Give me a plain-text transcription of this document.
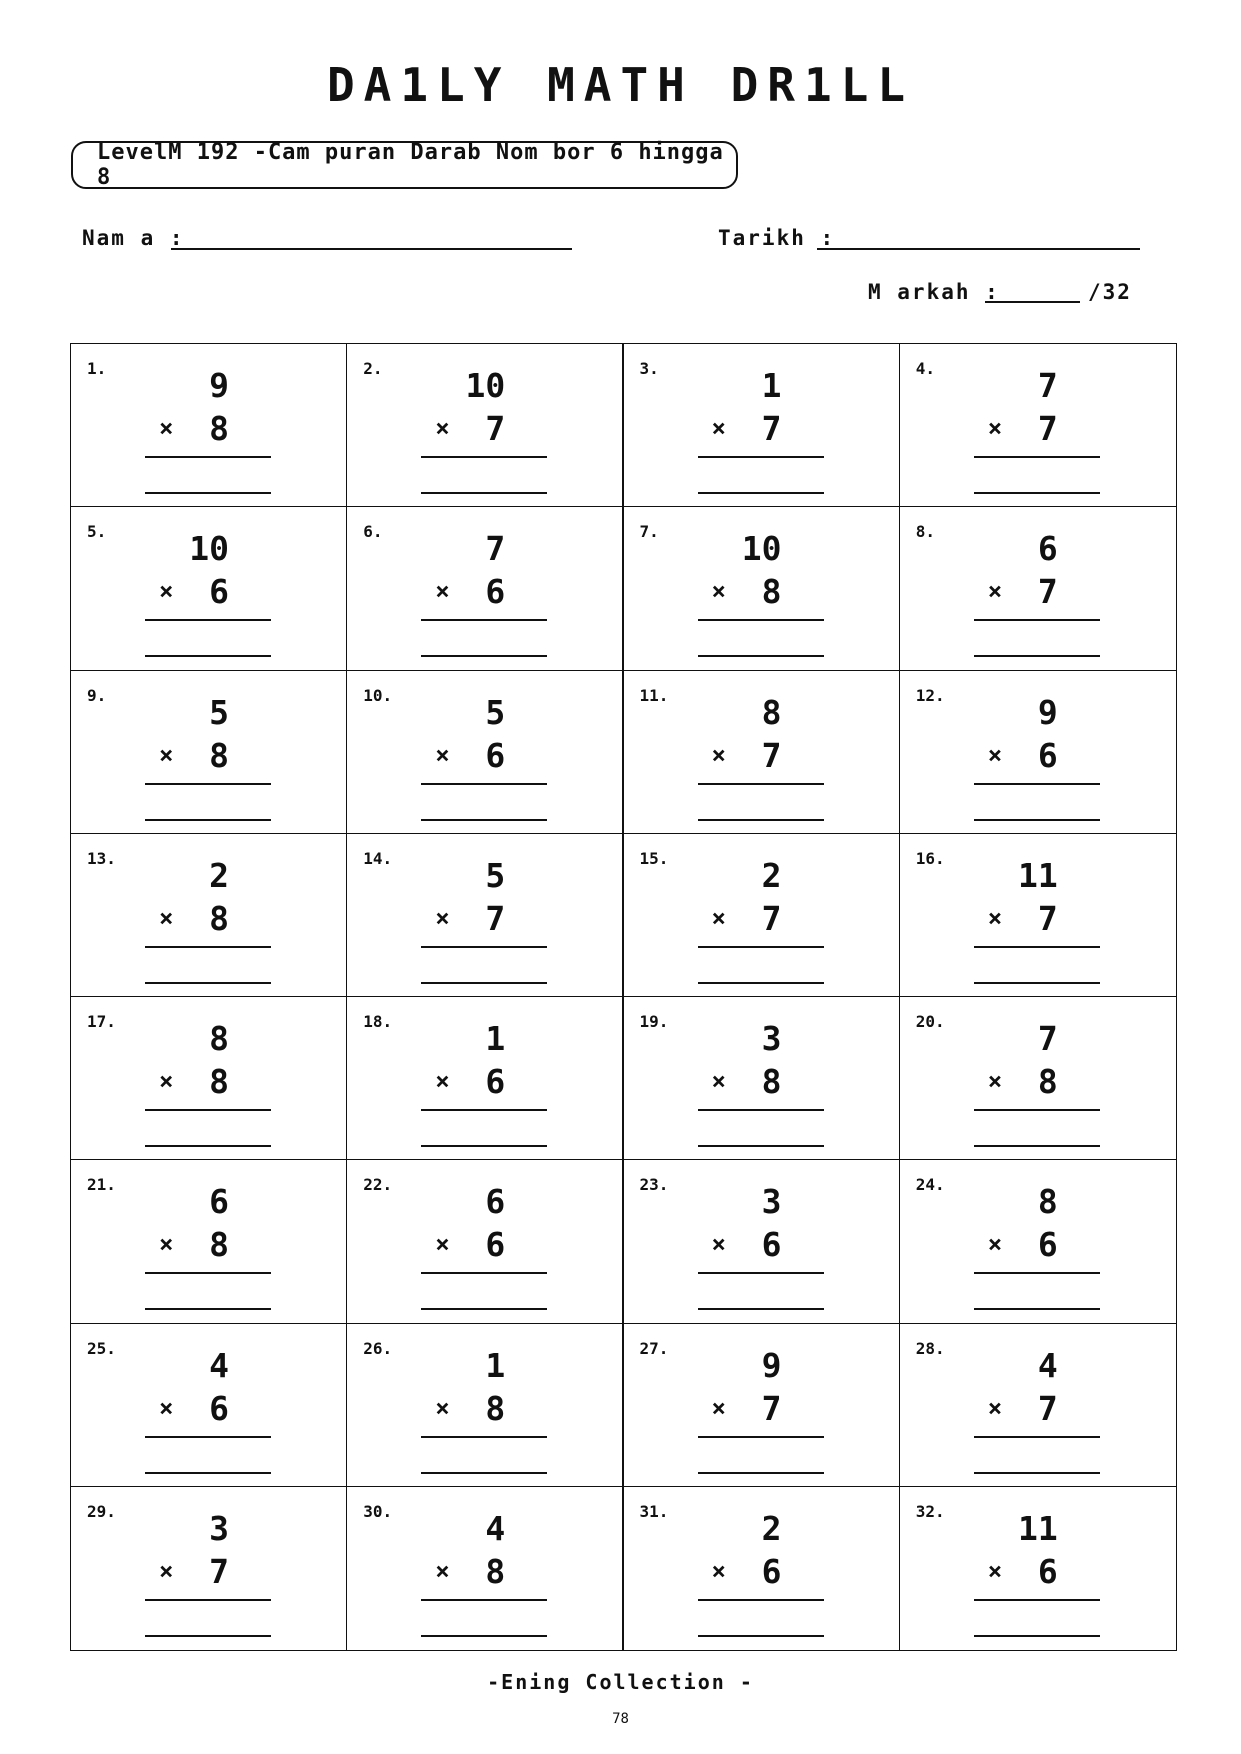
DA1LY MATH DR1LL
LevelM 192 -Cam puran Darab Nom bor 6 hingga 8
Nam a :	Tarikh :
M arkah :	/32
1.	9
×	8
2.	10
×	7
3.	1
×	7
4.	7
×	7
5.	10
×	6
6.	7
×	6
7.	10
×	8
8.	6
×	7
9.	5
×	8
10.	5
×	6
11.	8
×	7
12.	9
×	6
13.	2
×	8
14.	5
×	7
15.	2
×	7
16.	11
×	7
17.	8
×	8
18.	1
×	6
19.	3
×	8
20.	7
×	8
21.	6
×	8
22.	6
×	6
23.	3
×	6
24.	8
×	6
25.	4
×	6
26.	1
×	8
27.	9
×	7
28.	4
×	7
29.	3
×	7
30.	4
×	8
31.	2
×	6
32.	11
×	6
-Ening Collection -
78
